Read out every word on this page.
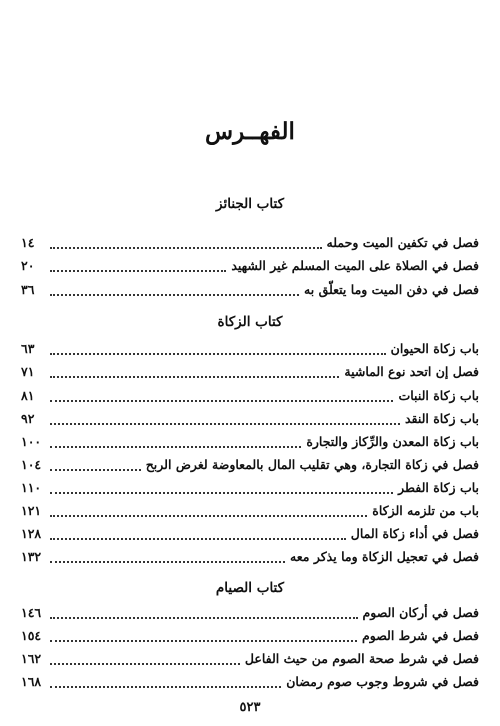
الفهــرس
كتاب الجنائز
فصل في تكفين الميت وحمله
١٤
فصل في الصلاة على الميت المسلم غير الشهيد
٢٠
فصل في دفن الميت وما يتعلّق به
٣٦
كتاب الزكاة
باب زكاة الحيوان
٦٣
فصل إن اتحد نوع الماشية
٧١
باب زكاة النبات
٨١
باب زكاة النقد
٩٢
باب زكاة المعدن والرِّكاز والتجارة
١٠٠
فصل في زكاة التجارة، وهي تقليب المال بالمعاوضة لغرض الربح
١٠٤
باب زكاة الفطر
١١٠
باب من تلزمه الزكاة
١٢١
فصل في أداء زكاة المال
١٢٨
فصل في تعجيل الزكاة وما يذكر معه
١٣٢
كتاب الصيام
فصل في أركان الصوم
١٤٦
فصل في شرط الصوم
١٥٤
فصل في شرط صحة الصوم من حيث الفاعل
١٦٢
فصل في شروط وجوب صوم رمضان
١٦٨
٥٢٣
